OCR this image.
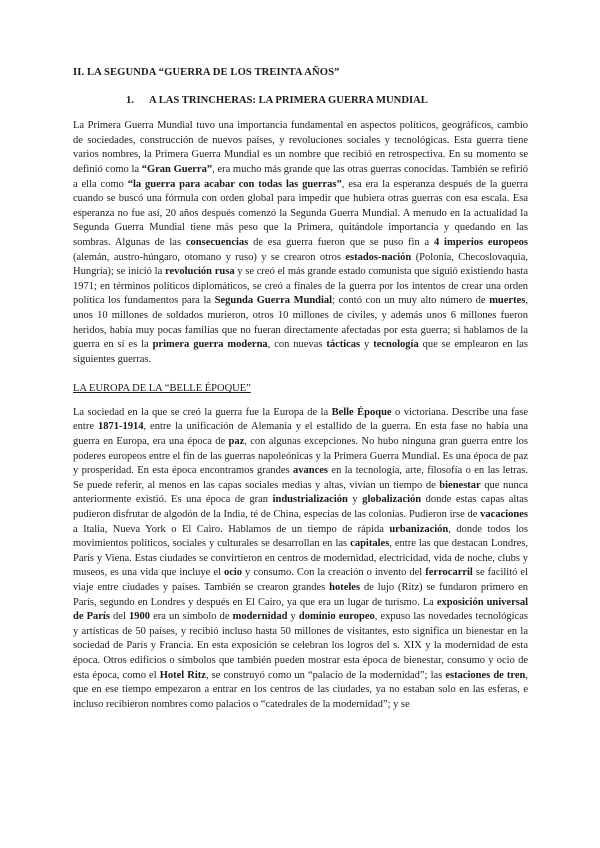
II. LA SEGUNDA “GUERRA DE LOS TREINTA AÑOS”
1. A LAS TRINCHERAS: LA PRIMERA GUERRA MUNDIAL

La Primera Guerra Mundial tuvo una importancia fundamental en aspectos políticos, geográficos, cambio de sociedades, construcción de nuevos países, y revoluciones sociales y tecnológicas. Esta guerra tiene varios nombres, la Primera Guerra Mundial es un nombre que recibió en retrospectiva. En su momento se definió como la “Gran Guerra”, era mucho más grande que las otras guerras conocidas. También se refirió a ella como “la guerra para acabar con todas las guerras”, esa era la esperanza después de la guerra cuando se buscó una fórmula con orden global para impedir que hubiera otras guerras con esa escala. Esa esperanza no fue así, 20 años después comenzó la Segunda Guerra Mundial. A menudo en la actualidad la Segunda Guerra Mundial tiene más peso que la Primera, quitándole importancia y quedando en las sombras. Algunas de las consecuencias de esa guerra fueron que se puso fin a 4 imperios europeos (alemán, austro-húngaro, otomano y ruso) y se crearon otros estados-nación (Polonia, Checoslovaquia, Hungría); se inició la revolución rusa y se creó el más grande estado comunista que siguió existiendo hasta 1971; en términos políticos diplomáticos, se creó a finales de la guerra por los intentos de crear una orden política los fundamentos para la Segunda Guerra Mundial; contó con un muy alto número de muertes, unos 10 millones de soldados murieron, otros 10 millones de civiles, y además unos 6 millones fueron heridos, había muy pocas familias que no fueran directamente afectadas por esta guerra; si hablamos de la guerra en sí es la primera guerra moderna, con nuevas tácticas y tecnología que se emplearon en las siguientes guerras.

LA EUROPA DE LA “BELLE ÉPOQUE”

La sociedad en la que se creó la guerra fue la Europa de la Belle Époque o victoriana. Describe una fase entre 1871-1914, entre la unificación de Alemania y el estallido de la guerra. En esta fase no había una guerra en Europa, era una época de paz, con algunas excepciones. No hubo ninguna gran guerra entre los poderes europeos entre el fin de las guerras napoleónicas y la Primera Guerra Mundial. Es una época de paz y prosperidad. En esta época encontramos grandes avances en la tecnología, arte, filosofía o en las letras. Se puede referir, al menos en las capas sociales medias y altas, vivían un tiempo de bienestar que nunca anteriormente existió. Es una época de gran industrialización y globalización donde estas capas altas pudieron disfrutar de algodón de la India, té de China, especias de las colonias. Pudieron irse de vacaciones a Italia, Nueva York o El Cairo. Hablamos de un tiempo de rápida urbanización, donde todos los movimientos políticos, sociales y culturales se desarrollan en las capitales, entre las que destacan Londres, París y Viena. Estas ciudades se convirtieron en centros de modernidad, electricidad, vida de noche, clubs y museos, es una vida que incluye el ocio y consumo. Con la creación o invento del ferrocarril se facilitó el viaje entre ciudades y países. También se crearon grandes hoteles de lujo (Ritz) se fundaron primero en París, segundo en Londres y después en El Cairo, ya que era un lugar de turismo. La exposición universal de París del 1900 era un símbolo de modernidad y dominio europeo, expuso las novedades tecnológicas y artísticas de 50 países, y recibió incluso hasta 50 millones de visitantes, esto significa un bienestar en la sociedad de París y Francia. En esta exposición se celebran los logros del s. XIX y la modernidad de esta época. Otros edificios o símbolos que también pueden mostrar esta época de bienestar, consumo y ocio de esta época, como el Hotel Ritz, se construyó como un “palacio de la modernidad”; las estaciones de tren, que en ese tiempo empezaron a entrar en los centros de las ciudades, ya no estaban solo en las esferas, e incluso recibieron nombres como palacios o “catedrales de la modernidad”; y se
